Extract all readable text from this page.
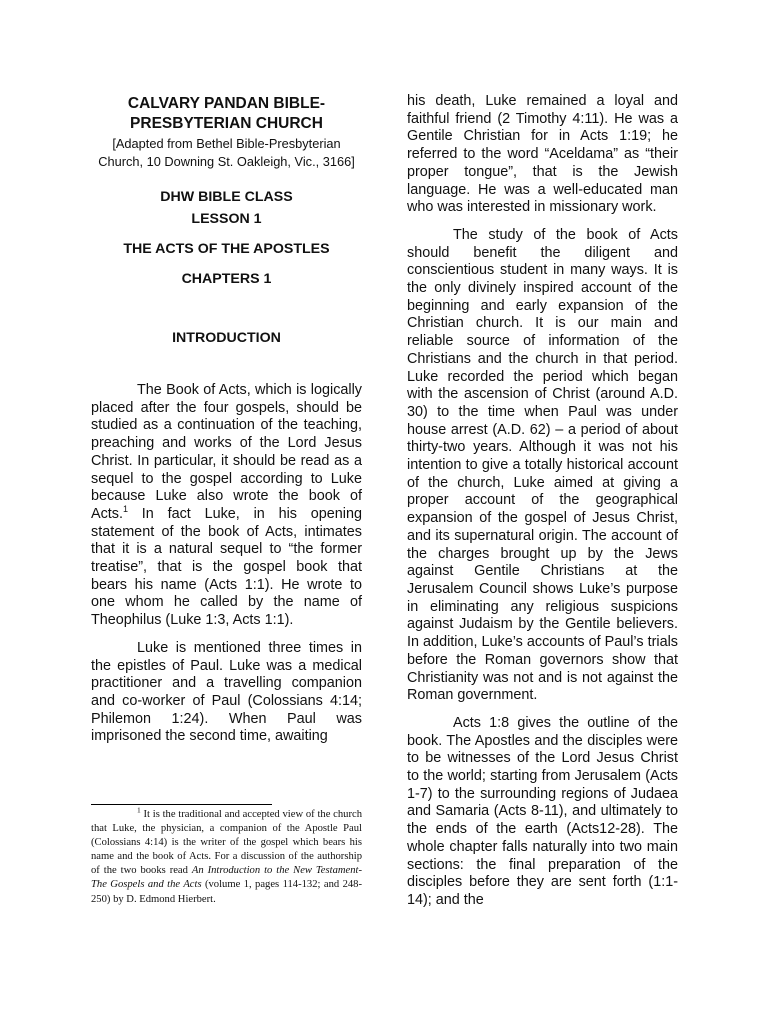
CALVARY PANDAN BIBLE-
PRESBYTERIAN CHURCH
[Adapted from Bethel Bible-Presbyterian
Church, 10 Downing St. Oakleigh, Vic., 3166]
DHW BIBLE CLASS
LESSON 1
THE ACTS OF THE APOSTLES
CHAPTERS 1
INTRODUCTION

The Book of Acts, which is logically placed after the four gospels, should be studied as a continuation of the teaching, preaching and works of the Lord Jesus Christ. In particular, it should be read as a sequel to the gospel according to Luke because Luke also wrote the book of Acts.$^1$ In fact Luke, in his opening statement of the book of Acts, intimates that it is a natural sequel to “the former treatise”, that is the gospel book that bears his name (Acts 1:1). He wrote to one whom he called by the name of Theophilus (Luke 1:3, Acts 1:1).

Luke is mentioned three times in the epistles of Paul. Luke was a medical practitioner and a travelling companion and co-worker of Paul (Colossians 4:14; Philemon 1:24). When Paul was imprisoned the second time, awaiting

$^1$ It is the traditional and accepted view of the church that Luke, the physician, a companion of the Apostle Paul (Colossians 4:14) is the writer of the gospel which bears his name and the book of Acts. For a discussion of the authorship of the two books read An Introduction to the New Testament-The Gospels and the Acts (volume 1, pages 114-132; and 248-250) by D. Edmond Hierbert.

his death, Luke remained a loyal and faithful friend (2 Timothy 4:11). He was a Gentile Christian for in Acts 1:19; he referred to the word “Aceldama” as “their proper tongue”, that is the Jewish language. He was a well-educated man who was interested in missionary work.

The study of the book of Acts should benefit the diligent and conscientious student in many ways. It is the only divinely inspired account of the beginning and early expansion of the Christian church. It is our main and reliable source of information of the Christians and the church in that period. Luke recorded the period which began with the ascension of Christ (around A.D. 30) to the time when Paul was under house arrest (A.D. 62) – a period of about thirty-two years. Although it was not his intention to give a totally historical account of the church, Luke aimed at giving a proper account of the geographical expansion of the gospel of Jesus Christ, and its supernatural origin. The account of the charges brought up by the Jews against Gentile Christians at the Jerusalem Council shows Luke’s purpose in eliminating any religious suspicions against Judaism by the Gentile believers. In addition, Luke’s accounts of Paul’s trials before the Roman governors show that Christianity was not and is not against the Roman government.

Acts 1:8 gives the outline of the book. The Apostles and the disciples were to be witnesses of the Lord Jesus Christ to the world; starting from Jerusalem (Acts 1-7) to the surrounding regions of Judaea and Samaria (Acts 8-11), and ultimately to the ends of the earth (Acts12-28). The whole chapter falls naturally into two main sections: the final preparation of the disciples before they are sent forth (1:1-14); and the
